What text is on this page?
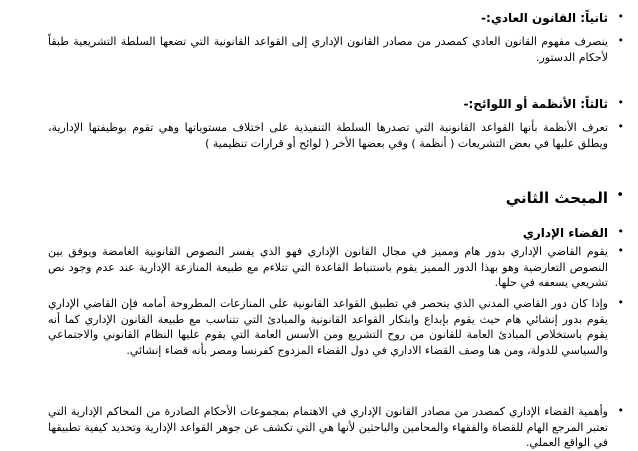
•
ثانياً: القانون العادي:-
•
ينصرف مفهوم القانون العادي كمصدر من مصادر القانون الإداري إلى القواعد القانونية التي تضعها السلطة التشريعية طبقاً لأحكام الدستور.
•
ثالثاً: الأنظمة أو اللوائح:-
•
تعرف الأنظمة بأنها القواعد القانونية التي تصدرها السلطة التنفيذية على اختلاف مستوياتها وهي تقوم بوظيفتها الإدارية، ويطلق عليها في بعض التشريعات ( أنظمة ) وفي بعضها الأخر ( لوائح أو قرارات تنظيمية )
•
المبحث الثاني
•
القضاء الإداري
•
يقوم القاضي الإداري بدور هام ومميز في مجال القانون الإداري فهو الذي يفسر النصوص القانونية الغامضة ويوفق بين النصوص التعارضية وهو بهذا الدور المميز يقوم باستنباط القاعدة التي تتلاءم مع طبيعة المنازعة الإدارية عند عدم وجود نص تشريعي يسعفه في حلها.
•
وإذا كان دور القاضي المدني الذي ينحصر في تطبيق القواعد القانونية على المنازعات المطروحة أمامه فإن القاضي الإداري يقوم بدور إنشائي هام حيث يقوم بإبداع وابتكار القواعد القانونية والمبادئ التي تتناسب مع طبيعة القانون الإداري كما أنه يقوم باستخلاص المبادئ العامة للقانون من روح التشريع ومن الأسس العامة التي يقوم عليها النظام القانوني والاجتماعي والسياسي للدولة، ومن هنا وصف القضاء الاداري في دول القضاء المزدوج كفرنسا ومصر بأنه قضاء إنشائي.
•
وأهمية القضاء الإداري كمصدر من مصادر القانون الإداري في الاهتمام بمجموعات الأحكام الصادرة من المحاكم الإدارية التي تعتبر المرجع الهام للقضاة والفقهاء والمحامين والباحثين لأنها هي التي تكشف عن جوهر القواعد الإدارية وتحديد كيفية تطبيقها في الواقع العملي.
